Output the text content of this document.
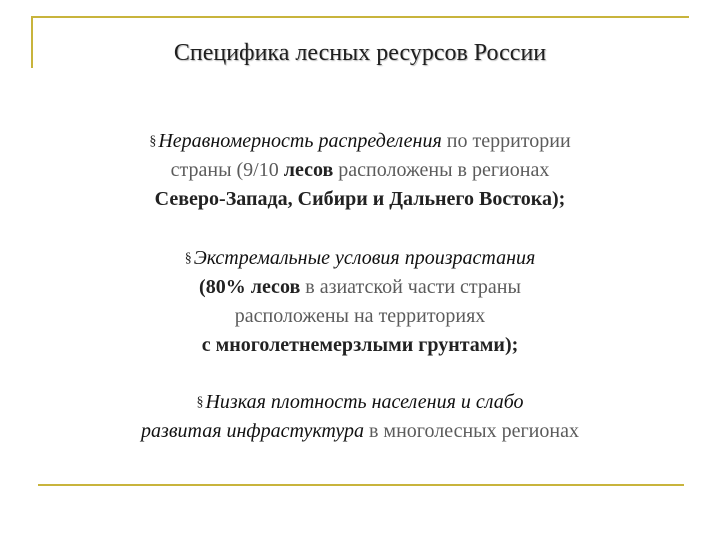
Специфика лесных ресурсов России
§ Неравномерность распределения по территории
страны (9/10 лесов расположены в регионах
Северо-Запада, Сибири и Дальнего Востока);
§ Экстремальные условия произрастания
(80% лесов в азиатской части страны
расположены на территориях
с многолетнемерзлыми грунтами);
§ Низкая плотность населения и слабо
развитая инфрастуктура в многолесных регионах
